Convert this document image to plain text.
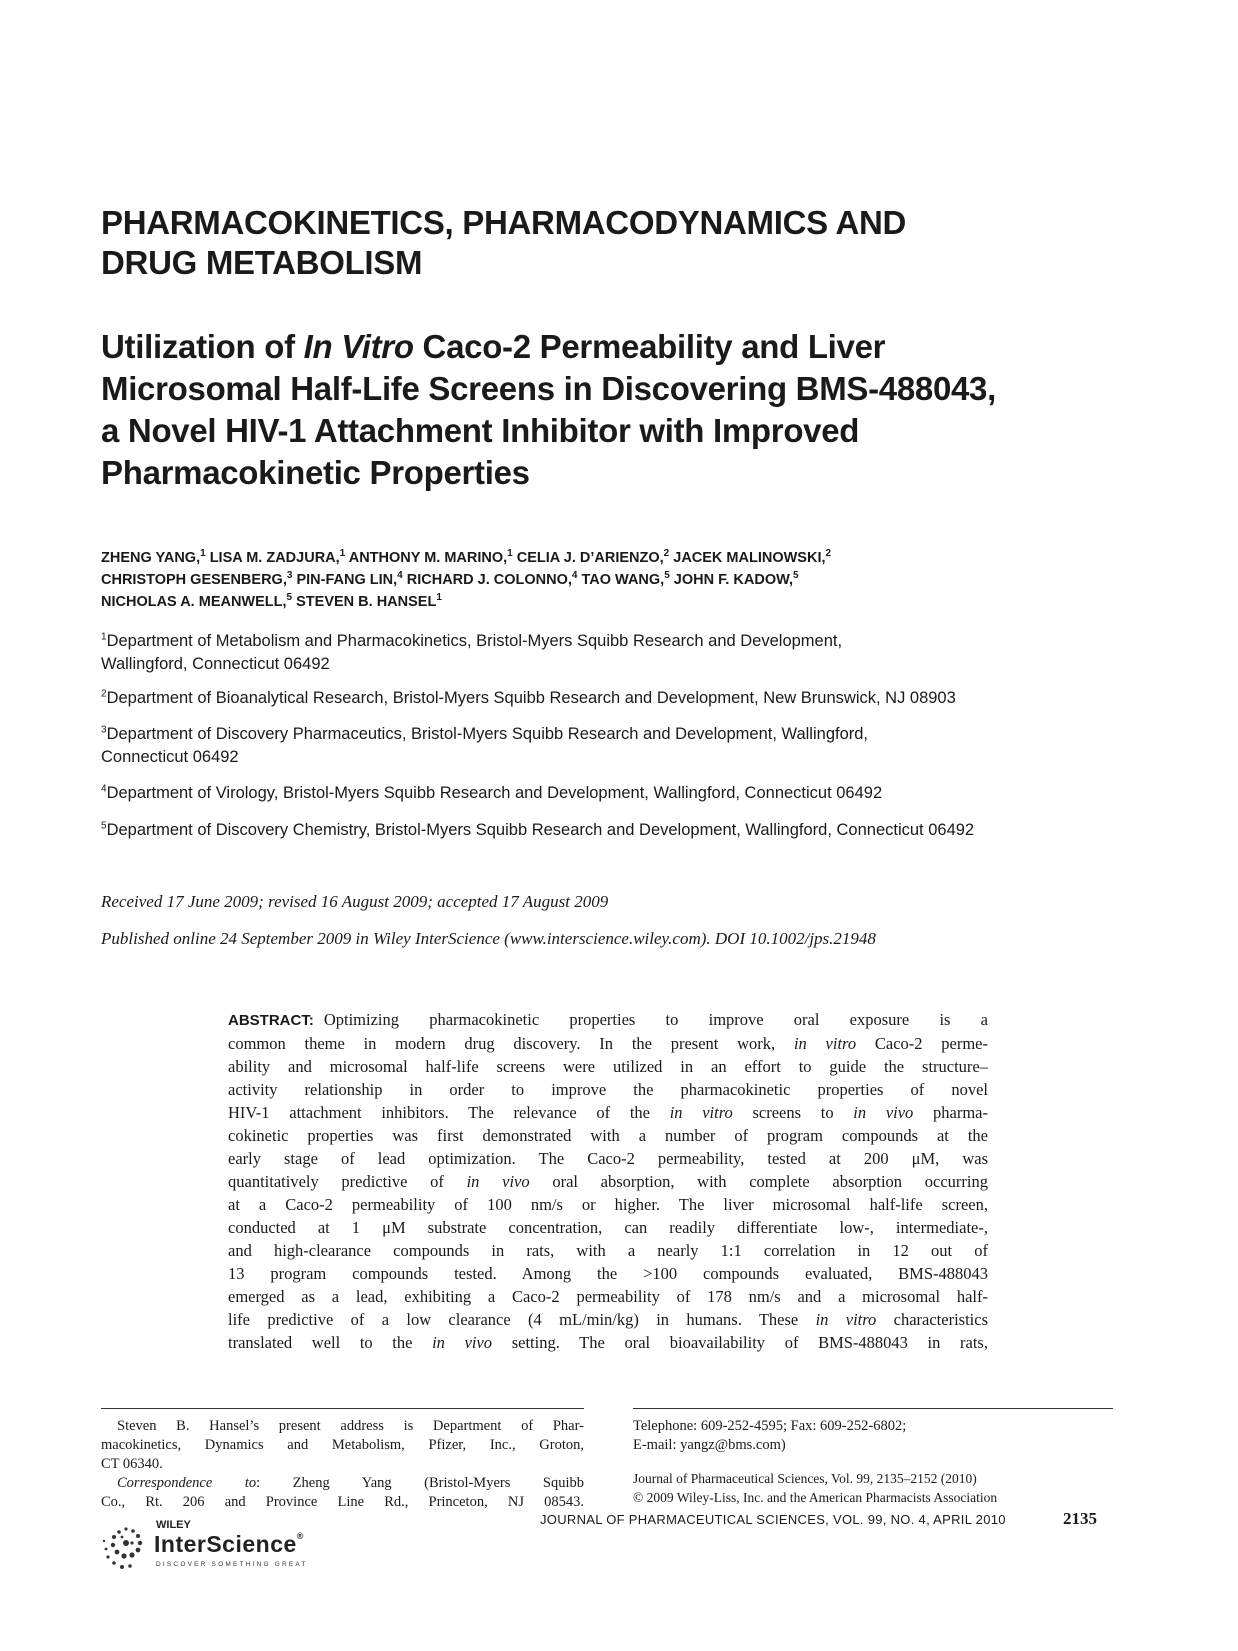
PHARMACOKINETICS, PHARMACODYNAMICS AND
DRUG METABOLISM
Utilization of In Vitro Caco-2 Permeability and Liver
Microsomal Half-Life Screens in Discovering BMS-488043,
a Novel HIV-1 Attachment Inhibitor with Improved
Pharmacokinetic Properties
ZHENG YANG,$^1$ LISA M. ZADJURA,$^1$ ANTHONY M. MARINO,$^1$ CELIA J. D’ARIENZO,$^2$ JACEK MALINOWSKI,$^2$
CHRISTOPH GESENBERG,$^3$ PIN-FANG LIN,$^4$ RICHARD J. COLONNO,$^4$ TAO WANG,$^5$ JOHN F. KADOW,$^5$
NICHOLAS A. MEANWELL,$^5$ STEVEN B. HANSEL$^1$
$^1$Department of Metabolism and Pharmacokinetics, Bristol-Myers Squibb Research and Development,
Wallingford, Connecticut 06492
$^2$Department of Bioanalytical Research, Bristol-Myers Squibb Research and Development, New Brunswick, NJ 08903
$^3$Department of Discovery Pharmaceutics, Bristol-Myers Squibb Research and Development, Wallingford,
Connecticut 06492
$^4$Department of Virology, Bristol-Myers Squibb Research and Development, Wallingford, Connecticut 06492
$^5$Department of Discovery Chemistry, Bristol-Myers Squibb Research and Development, Wallingford, Connecticut 06492
Received 17 June 2009; revised 16 August 2009; accepted 17 August 2009
Published online 24 September 2009 in Wiley InterScience (www.interscience.wiley.com). DOI 10.1002/jps.21948
ABSTRACT: Optimizing pharmacokinetic properties to improve oral exposure is a
common theme in modern drug discovery. In the present work, in vitro Caco-2 perme-
ability and microsomal half-life screens were utilized in an effort to guide the structure–
activity relationship in order to improve the pharmacokinetic properties of novel
HIV-1 attachment inhibitors. The relevance of the in vitro screens to in vivo pharma-
cokinetic properties was first demonstrated with a number of program compounds at the
early stage of lead optimization. The Caco-2 permeability, tested at 200 μM, was
quantitatively predictive of in vivo oral absorption, with complete absorption occurring
at a Caco-2 permeability of 100 nm/s or higher. The liver microsomal half-life screen,
conducted at 1 μM substrate concentration, can readily differentiate low-, intermediate-,
and high-clearance compounds in rats, with a nearly 1:1 correlation in 12 out of
13 program compounds tested. Among the >100 compounds evaluated, BMS-488043
emerged as a lead, exhibiting a Caco-2 permeability of 178 nm/s and a microsomal half-
life predictive of a low clearance (4 mL/min/kg) in humans. These in vitro characteristics
translated well to the in vivo setting. The oral bioavailability of BMS-488043 in rats,
Steven B. Hansel’s present address is Department of Phar-
macokinetics, Dynamics and Metabolism, Pfizer, Inc., Groton,
CT 06340.
Correspondence to: Zheng Yang (Bristol-Myers Squibb
Co., Rt. 206 and Province Line Rd., Princeton, NJ 08543.
Telephone: 609-252-4595; Fax: 609-252-6802;
E-mail: yangz@bms.com)
Journal of Pharmaceutical Sciences, Vol. 99, 2135–2152 (2010)
© 2009 Wiley-Liss, Inc. and the American Pharmacists Association
WILEY
InterScience®
DISCOVER SOMETHING GREAT
JOURNAL OF PHARMACEUTICAL SCIENCES, VOL. 99, NO. 4, APRIL 2010	2135
